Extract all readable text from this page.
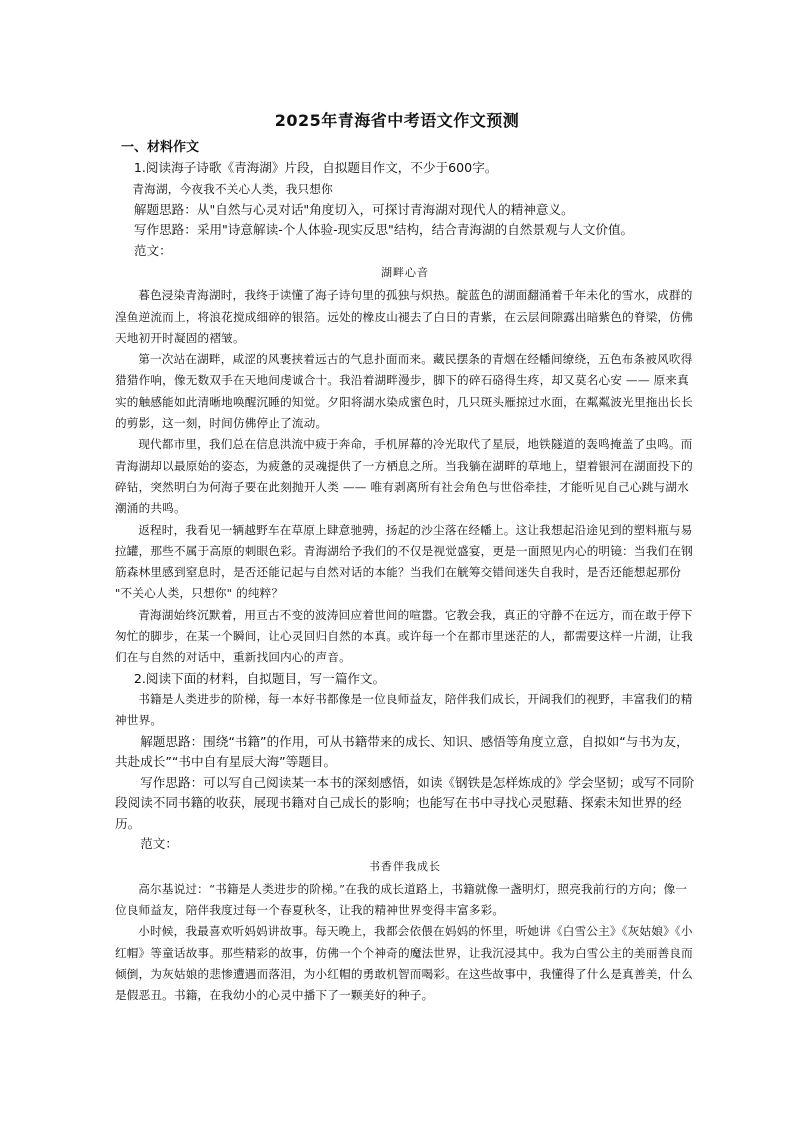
2025年青海省中考语文作文预测
一、材料作文

1.阅读海子诗歌《青海湖》片段，自拟题目作文，不少于600字。

青海湖，今夜我不关心人类，我只想你

解题思路：从"自然与心灵对话"角度切入，可探讨青海湖对现代人的精神意义。

写作思路：采用"诗意解读-个人体验-现实反思"结构，结合青海湖的自然景观与人文价值。

范文：

湖畔心音

暮色浸染青海湖时，我终于读懂了海子诗句里的孤独与炽热。靛蓝色的湖面翻涌着千年未化的雪水，成群的湟鱼逆流而上，将浪花搅成细碎的银箔。远处的橡皮山褪去了白日的青紫，在云层间隙露出暗紫色的脊梁，仿佛天地初开时凝固的褶皱。

第一次站在湖畔，咸涩的风裹挟着远古的气息扑面而来。藏民摆条的青烟在经幡间缭绕，五色布条被风吹得猎猎作响，像无数双手在天地间虔诚合十。我沿着湖畔漫步，脚下的碎石硌得生疼，却又莫名心安 —— 原来真实的触感能如此清晰地唤醒沉睡的知觉。夕阳将湖水染成蜜色时，几只斑头雁掠过水面，在粼粼波光里拖出长长的剪影，这一刻，时间仿佛停止了流动。

现代都市里，我们总在信息洪流中疲于奔命，手机屏幕的冷光取代了星辰，地铁隧道的轰鸣掩盖了虫鸣。而青海湖却以最原始的姿态，为疲惫的灵魂提供了一方栖息之所。当我躺在湖畔的草地上，望着银河在湖面投下的碎钻，突然明白为何海子要在此刻抛开人类 —— 唯有剥离所有社会角色与世俗牵挂，才能听见自己心跳与湖水潮涌的共鸣。

返程时，我看见一辆越野车在草原上肆意驰骋，扬起的沙尘落在经幡上。这让我想起沿途见到的塑料瓶与易拉罐，那些不属于高原的刺眼色彩。青海湖给予我们的不仅是视觉盛宴，更是一面照见内心的明镜：当我们在钢筋森林里感到窒息时，是否还能记起与自然对话的本能？当我们在觥筹交错间迷失自我时，是否还能想起那份 "不关心人类，只想你" 的纯粹？

青海湖始终沉默着，用亘古不变的波涛回应着世间的喧嚣。它教会我，真正的守静不在远方，而在敢于停下匆忙的脚步，在某一个瞬间，让心灵回归自然的本真。或许每一个在都市里迷茫的人，都需要这样一片湖，让我们在与自然的对话中，重新找回内心的声音。

2.阅读下面的材料，自拟题目，写一篇作文。

书籍是人类进步的阶梯，每一本好书都像是一位良师益友，陪伴我们成长，开阔我们的视野，丰富我们的精神世界。

解题思路：围绕“书籍”的作用，可从书籍带来的成长、知识、感悟等角度立意，自拟如“与书为友，共赴成长”“书中自有星辰大海”等题目。

写作思路：可以写自己阅读某一本书的深刻感悟，如读《钢铁是怎样炼成的》学会坚韧；或写不同阶段阅读不同书籍的收获，展现书籍对自己成长的影响；也能写在书中寻找心灵慰藉、探索未知世界的经历。

范文：

书香伴我成长

高尔基说过：“书籍是人类进步的阶梯。”在我的成长道路上，书籍就像一盏明灯，照亮我前行的方向；像一位良师益友，陪伴我度过每一个春夏秋冬，让我的精神世界变得丰富多彩。

小时候，我最喜欢听妈妈讲故事。每天晚上，我都会依偎在妈妈的怀里，听她讲《白雪公主》《灰姑娘》《小红帽》等童话故事。那些精彩的故事，仿佛一个个神奇的魔法世界，让我沉浸其中。我为白雪公主的美丽善良而倾倒，为灰姑娘的悲惨遭遇而落泪，为小红帽的勇敢机智而喝彩。在这些故事中，我懂得了什么是真善美，什么是假恶丑。书籍，在我幼小的心灵中播下了一颗美好的种子。
